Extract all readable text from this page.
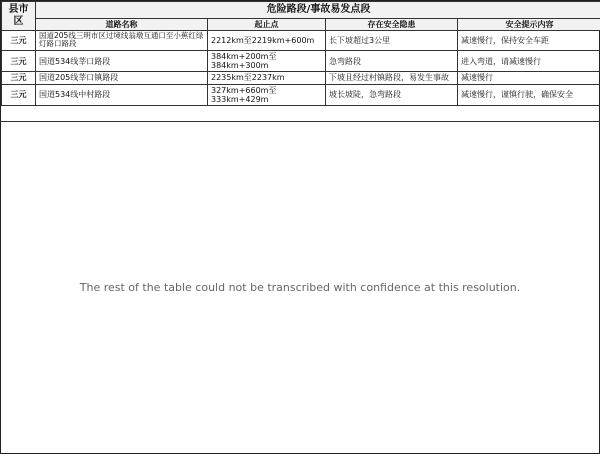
县市区	危险路段/事故易发点段			
	道路名称	起止点	存在安全隐患	安全提示内容
三元	国道205线三明市区过境线翁墩互通口至小蕉红绿灯路口路段	2212km至2219km+600m	长下坡超过3公里	减速慢行，保持安全车距
三元	国道534线莘口路段	384km+200m至384km+300m	急弯路段	进入弯道，请减速慢行
三元	国道205线莘口镇路段	2235km至2237km	下坡且经过村镇路段，易发生事故	减速慢行
三元	国道534线中村路段	327km+660m至333km+429m	坡长坡陡，急弯路段	减速慢行，谨慎行驶，确保安全
The rest of the table could not be transcribed with confidence at this resolution.
